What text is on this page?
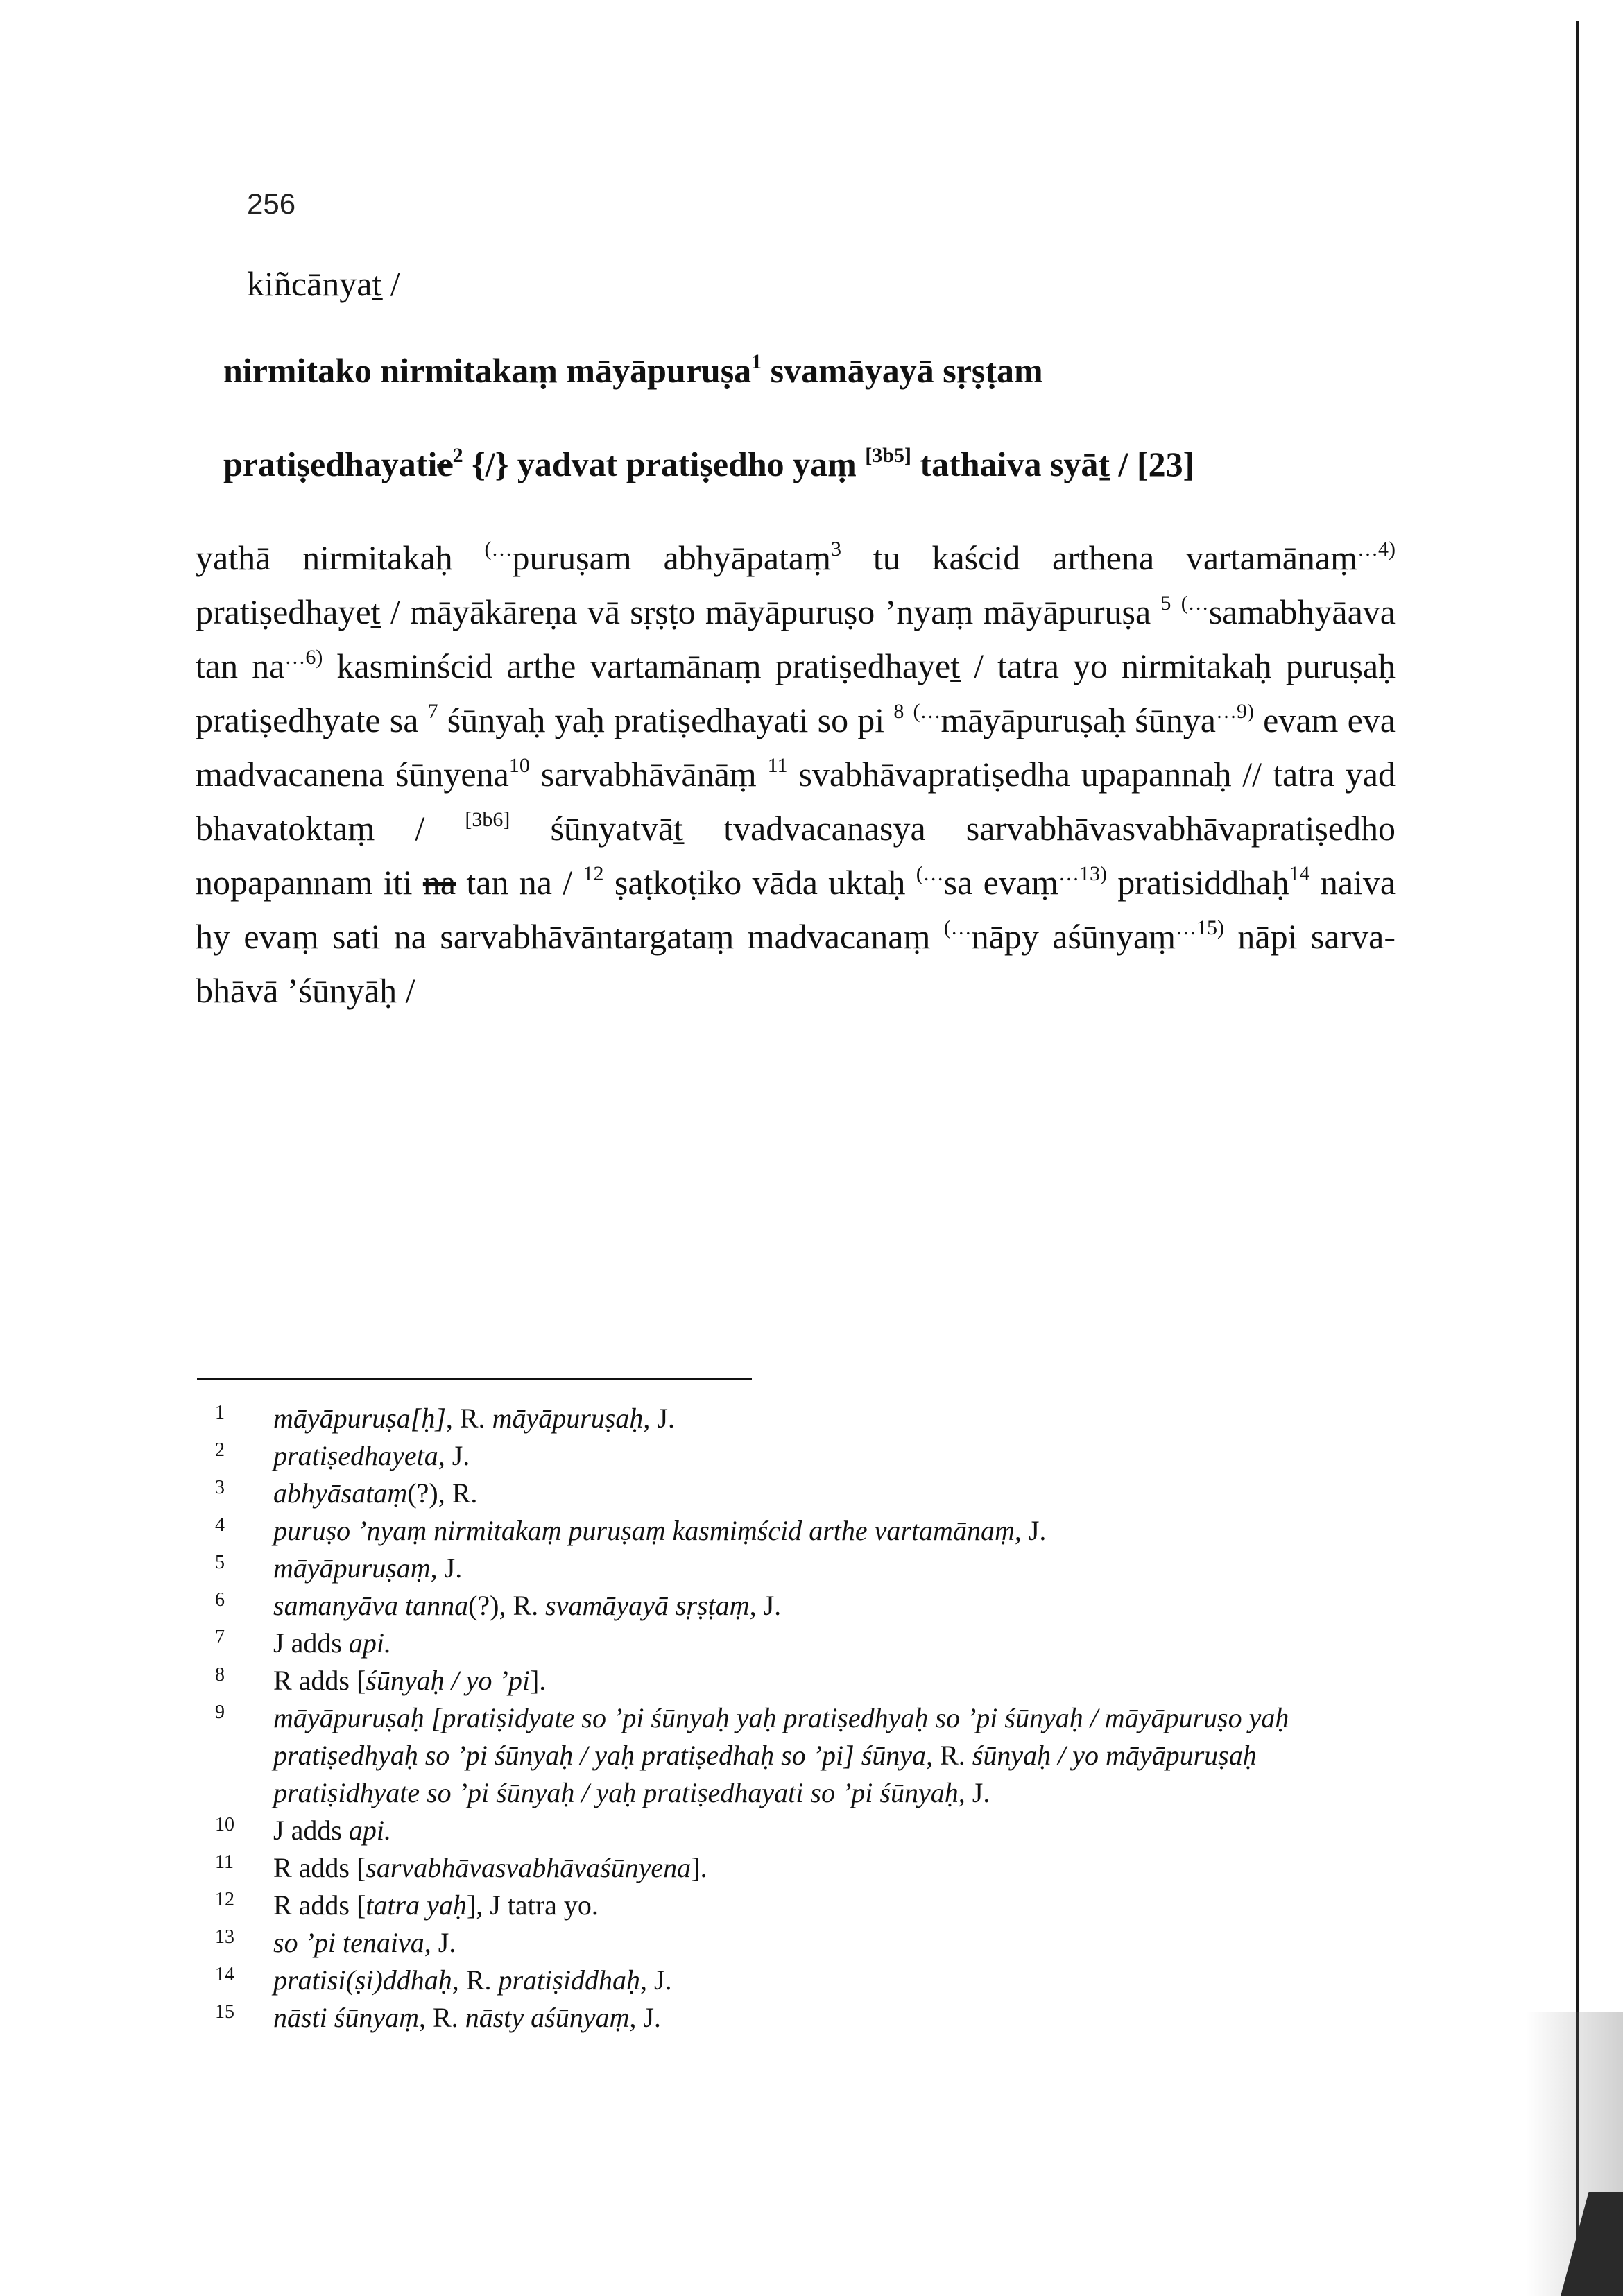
256
kiñcānyaṯ /
nirmitako nirmitakaṃ māyāpuruṣa$^1$ svamāyayā sṛṣṭam
pratiṣedhayatie$^2$ {/} yadvat pratiṣedho yaṃ [3b5] tathaiva syāṯ / [23]

yathā nirmitakaḥ (…puruṣam abhyāpataṃ$^3$ tu kaścid arthena vartamānaṃ$^{\dots 4)}$ pratiṣedhayeṯ / māyākāreṇa vā sṛṣṭo māyāpuruṣo ’nyaṃ māyāpuruṣa $^5$ (…samabhyāava $\tan na^{\dots 6)}$ kasminścid arthe vartamānaṃ pratiṣedhayeṯ / tatra yo nirmitakaḥ puruṣaḥ pratiṣedhyate sa $^7$ śūnyaḥ yaḥ pratiṣedhayati so pi $^8$ (…māyāpuruṣaḥ śūnya$^{\dots 9)}$ evam eva madvacanena śūnyena$^{10}$ sarvabhāvānāṃ $^{11}$ svabhāvapratiṣedha upapannaḥ // tatra yad bhavatoktaṃ / [3b6] śūnyatvāṯ tvadvacanasya sarvabhāvasvabhāvapratiṣedho nopapannam iti na tan na / $^{12}$ ṣaṭkoṭiko vāda uktaḥ (…sa evaṃ$^{\dots 13)}$ pratisiddhaḥ$^{14}$ naiva hy evaṃ sati na sarvabhāvāntargataṃ madvacanaṃ (…nāpy aśūnyaṃ$^{\dots 15)}$ nāpi sarva-bhāvā ’śūnyāḥ /

1 māyāpuruṣa[ḥ], R. māyāpuruṣaḥ, J.
2 pratiṣedhayeta, J.
3 abhyāsataṃ(?), R.
4 puruṣo ’nyaṃ nirmitakaṃ puruṣaṃ kasmiṃścid arthe vartamānaṃ, J.
5 māyāpuruṣaṃ, J.
6 samanyāva tanna(?), R. svamāyayā sṛṣṭaṃ, J.
7 J adds api.
8 R adds [śūnyaḥ / yo ’pi].
9 māyāpuruṣaḥ [pratiṣidyate so ’pi śūnyaḥ yaḥ pratiṣedhyaḥ so ’pi śūnyaḥ / māyāpuruṣo yaḥ pratiṣedhyaḥ so ’pi śūnyaḥ / yaḥ pratiṣedhaḥ so ’pi] śūnya, R. śūnyaḥ / yo māyāpuruṣaḥ pratiṣidhyate so ’pi śūnyaḥ / yaḥ pratiṣedhayati so ’pi śūnyaḥ, J.
10 J adds api.
11 R adds [sarvabhāvasvabhāvaśūnyena].
12 R adds [tatra yaḥ], J tatra yo.
13 so ’pi tenaiva, J.
14 pratisi(ṣi)ddhaḥ, R. pratiṣiddhaḥ, J.
15 nāsti śūnyaṃ, R. nāsty aśūnyaṃ, J.
